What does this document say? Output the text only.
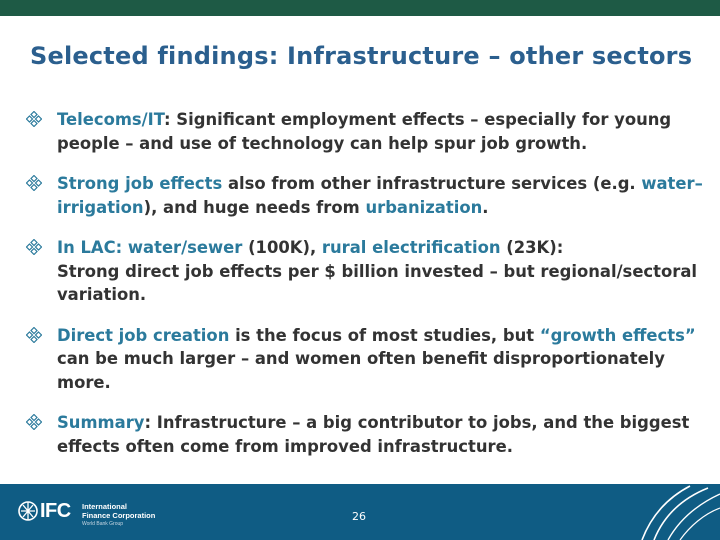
Selected findings: Infrastructure – other sectors
Telecoms/IT: Significant employment effects – especially for young people – and use of technology can help spur job growth.
Strong job effects also from other infrastructure services (e.g. water– irrigation), and huge needs from urbanization.
In LAC: water/sewer (100K), rural electrification (23K):
Strong direct job effects per $ billion invested – but regional/sectoral variation.
Direct job creation is the focus of most studies, but “growth effects” can be much larger – and women often benefit disproportionately more.
Summary: Infrastructure – a big contributor to jobs, and the biggest effects often come from improved infrastructure.
IFC International
Finance Corporation
World Bank Group
26
